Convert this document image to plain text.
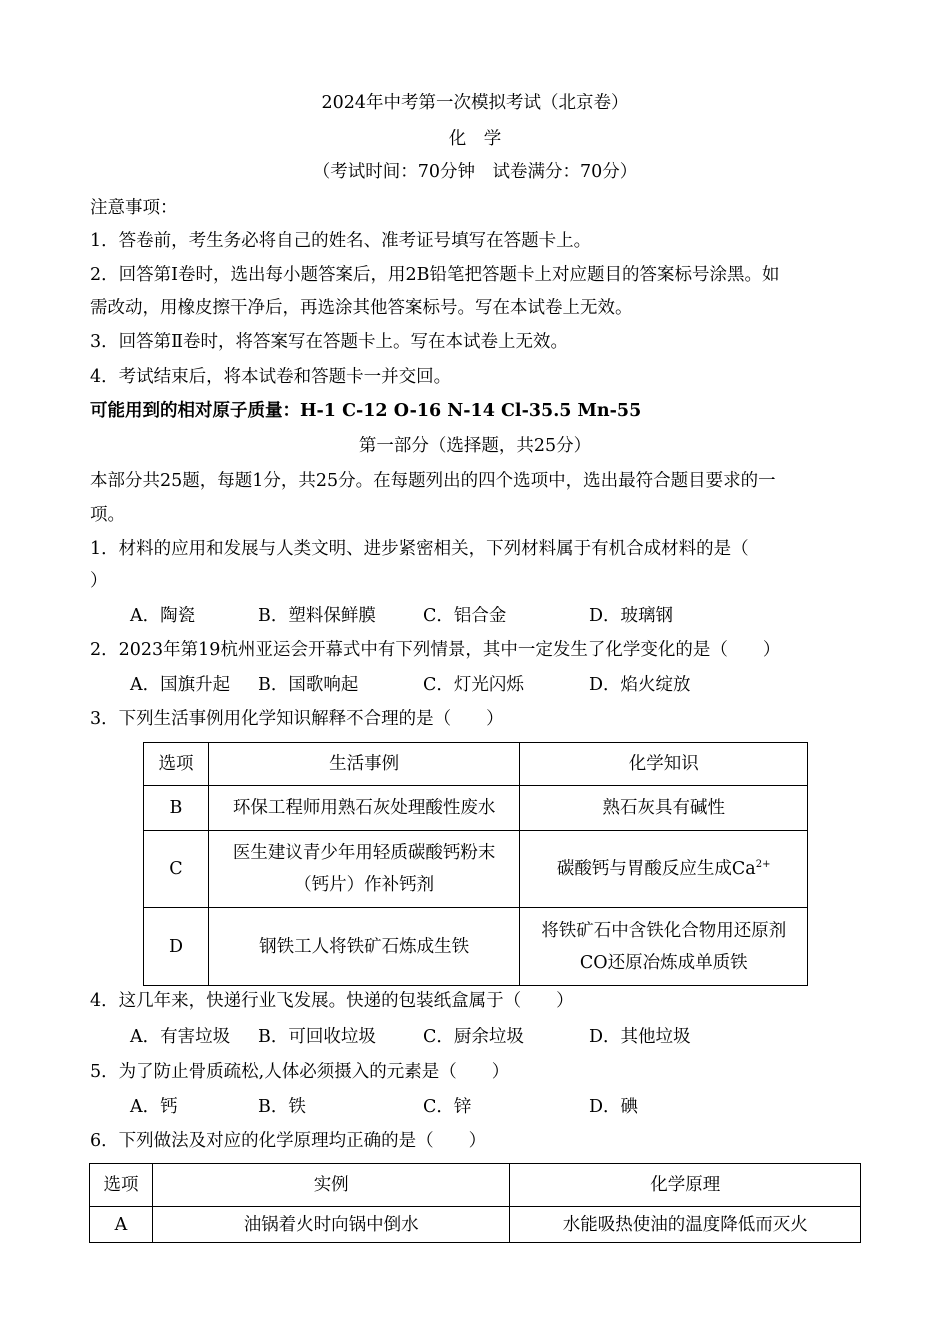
2024年中考第一次模拟考试（北京卷）
化　学
（考试时间：70分钟　试卷满分：70分）
注意事项：
1．答卷前，考生务必将自己的姓名、准考证号填写在答题卡上。
2．回答第Ⅰ卷时，选出每小题答案后，用2B铅笔把答题卡上对应题目的答案标号涂黑。如
需改动，用橡皮擦干净后，再选涂其他答案标号。写在本试卷上无效。
3．回答第Ⅱ卷时，将答案写在答题卡上。写在本试卷上无效。
4．考试结束后，将本试卷和答题卡一并交回。
可能用到的相对原子质量：H-1 C-12 O-16 N-14 Cl-35.5 Mn-55
第一部分（选择题，共25分）
本部分共25题，每题1分，共25分。在每题列出的四个选项中，选出最符合题目要求的一
项。
1．材料的应用和发展与人类文明、进步紧密相关，下列材料属于有机合成材料的是（
）
A．陶瓷	B．塑料保鲜膜	C．铝合金	D．玻璃钢
2．2023年第19杭州亚运会开幕式中有下列情景，其中一定发生了化学变化的是（　　）
A．国旗升起 B．国歌响起	C．灯光闪烁	D．焰火绽放
3．下列生活事例用化学知识解释不合理的是（　　）
选项	生活事例	化学知识
B	环保工程师用熟石灰处理酸性废水	熟石灰具有碱性
C	医生建议青少年用轻质碳酸钙粉末
（钙片）作补钙剂	碳酸钙与胃酸反应生成$Ca^{2+}$
D	钢铁工人将铁矿石炼成生铁	将铁矿石中含铁化合物用还原剂
CO还原冶炼成单质铁
4．这几年来，快递行业飞发展。快递的包装纸盒属于（　　）
A．有害垃圾 B．可回收垃圾	C．厨余垃圾	D．其他垃圾
5．为了防止骨质疏松,人体必须摄入的元素是（　　）
A．钙	B．铁	C．锌	D．碘
6．下列做法及对应的化学原理均正确的是（　　）
选项	实例	化学原理
A	油锅着火时向锅中倒水	水能吸热使油的温度降低而灭火
